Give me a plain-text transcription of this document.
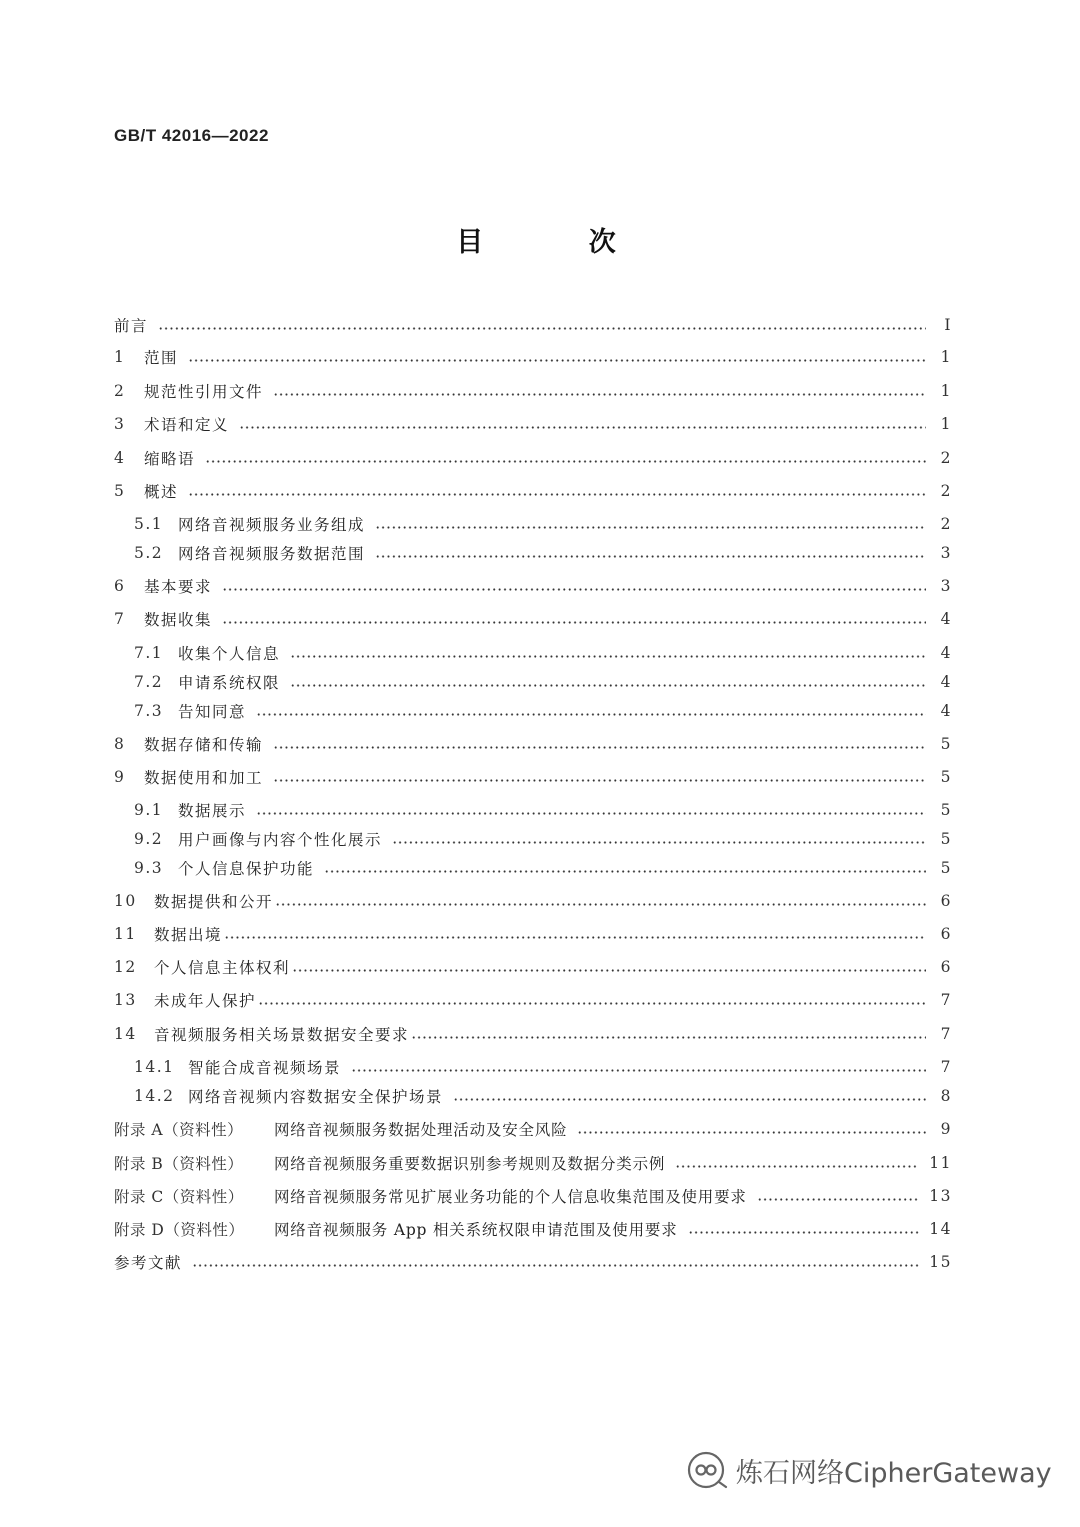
GB/T 42016—2022
目 次
前言	Ⅰ
1	范围	1
2	规范性引用文件	1
3	术语和定义	1
4	缩略语	2
5	概述	2
5.1 网络音视频服务业务组成	2
5.2 网络音视频服务数据范围	3
6	基本要求	3
7	数据收集	4
7.1 收集个人信息	4
7.2 申请系统权限	4
7.3 告知同意	4
8	数据存储和传输	5
9	数据使用和加工	5
9.1 数据展示	5
9.2 用户画像与内容个性化展示	5
9.3 个人信息保护功能	5
10	数据提供和公开	6
11	数据出境	6
12	个人信息主体权利	6
13	未成年人保护	7
14	音视频服务相关场景数据安全要求	7
14.1 智能合成音视频场景	7
14.2 网络音视频内容数据安全保护场景	8
附录 A（资料性）	网络音视频服务数据处理活动及安全风险	9
附录 B（资料性）	网络音视频服务重要数据识别参考规则及数据分类示例	11
附录 C（资料性）	网络音视频服务常见扩展业务功能的个人信息收集范围及使用要求	13
附录 D（资料性）	网络音视频服务 App 相关系统权限申请范围及使用要求	14
参考文献	15
炼石网络CipherGateway
